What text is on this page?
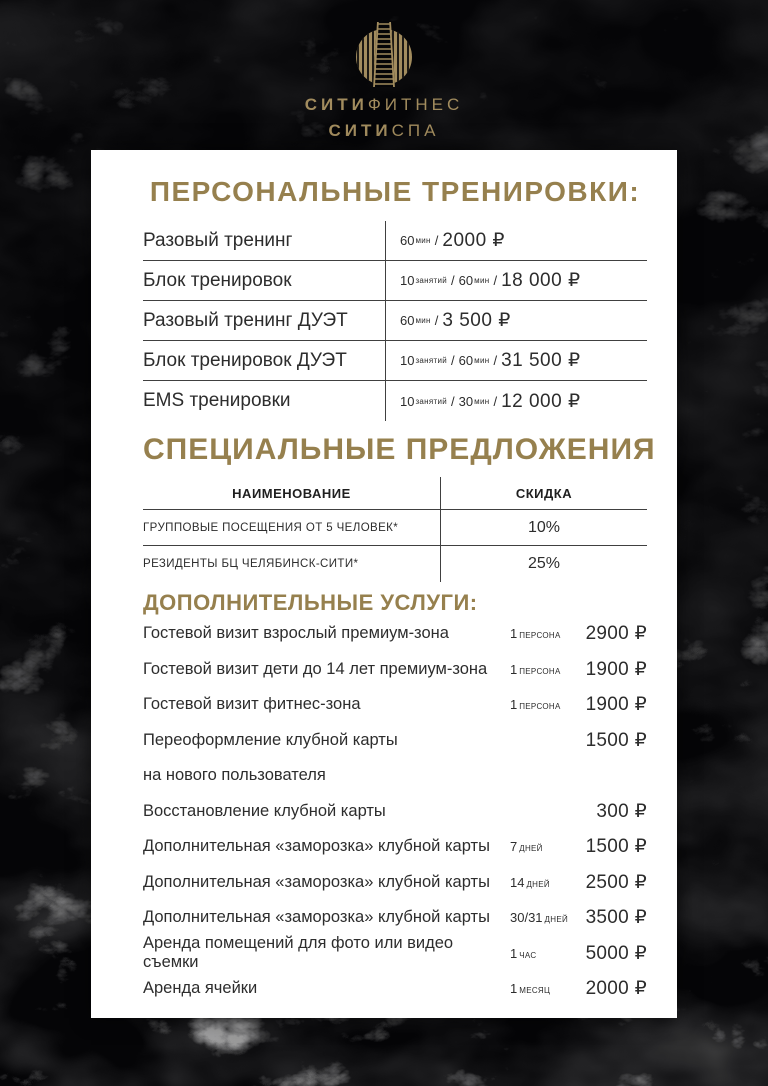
СИТИФИТНЕС
СИТИСПА
ПЕРСОНАЛЬНЫЕ ТРЕНИРОВКИ:
Разовый тренинг	60 мин / 2000 ₽
Блок тренировок	10 занятий / 60 мин / 18 000 ₽
Разовый тренинг ДУЭТ	60 мин / 3 500 ₽
Блок тренировок ДУЭТ	10 занятий / 60 мин / 31 500 ₽
EMS тренировки	10 занятий / 30 мин / 12 000 ₽
СПЕЦИАЛЬНЫЕ ПРЕДЛОЖЕНИЯ
НАИМЕНОВАНИЕ	СКИДКА
ГРУППОВЫЕ ПОСЕЩЕНИЯ ОТ 5 ЧЕЛОВЕК*	10%
РЕЗИДЕНТЫ БЦ ЧЕЛЯБИНСК-СИТИ*	25%
ДОПОЛНИТЕЛЬНЫЕ УСЛУГИ:
Гостевой визит взрослый премиум-зона	1 ПЕРСОНА	2900 ₽
Гостевой визит дети до 14 лет премиум-зона	1 ПЕРСОНА	1900 ₽
Гостевой визит фитнес-зона	1 ПЕРСОНА	1900 ₽
Переоформление клубной карты	1500 ₽
на нового пользователя
Восстановление клубной карты	300 ₽
Дополнительная «заморозка» клубной карты	7 ДНЕЙ	1500 ₽
Дополнительная «заморозка» клубной карты	14 ДНЕЙ	2500 ₽
Дополнительная «заморозка» клубной карты	30/31 ДНЕЙ 3500 ₽
Аренда помещений для фото или видео съемки	1 ЧАС	5000 ₽
Аренда ячейки	1 МЕСЯЦ	2000 ₽
